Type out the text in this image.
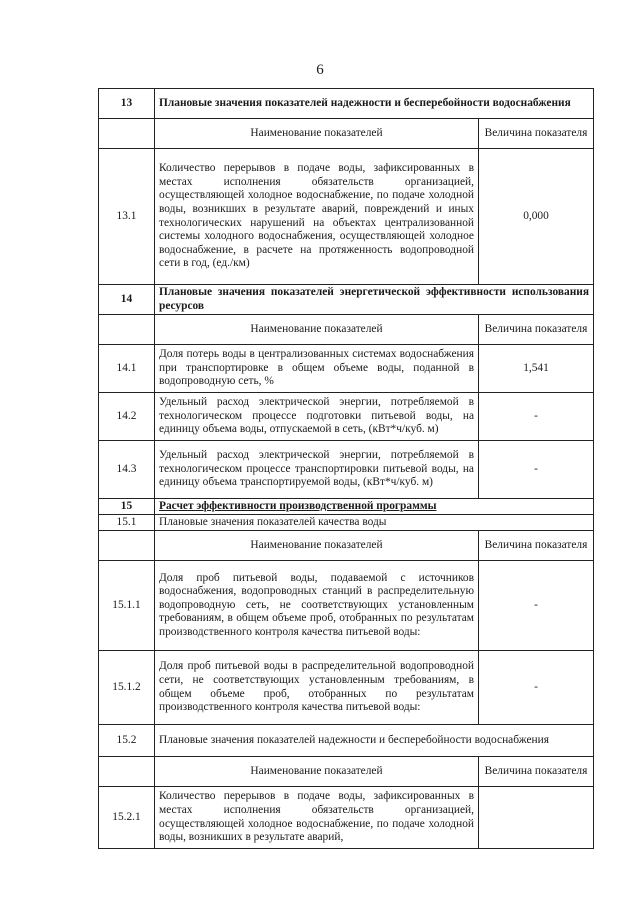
6
13	Плановые значения показателей надежности и бесперебойности водоснабжения	
	Наименование показателей	Величина показателя
13.1	Количество перерывов в подаче воды, зафиксированных в местах исполнения обязательств организацией, осуществляющей холодное водоснабжение, по подаче холодной воды, возникших в результате аварий, повреждений и иных технологических нарушений на объектах централизованной системы холодного водоснабжения, осуществляющей холодное водоснабжение, в расчете на протяженность водопроводной сети в год, (ед./км)	0,000
14	Плановые значения показателей энергетической эффективности использования ресурсов	
	Наименование показателей	Величина показателя
14.1	Доля потерь воды в централизованных системах водоснабжения при транспортировке в общем объеме воды, поданной в водопроводную сеть, %	1,541
14.2	Удельный расход электрической энергии, потребляемой в технологическом процессе подготовки питьевой воды, на единицу объема воды, отпускаемой в сеть, (кВт*ч/куб. м)	-
14.3	Удельный расход электрической энергии, потребляемой в технологическом процессе транспортировки питьевой воды, на единицу объема транспортируемой воды, (кВт*ч/куб. м)	-
15	Расчет эффективности производственной программы	
15.1	Плановые значения показателей качества воды	
	Наименование показателей	Величина показателя
15.1.1	Доля проб питьевой воды, подаваемой с источников водоснабжения, водопроводных станций в распределительную водопроводную сеть, не соответствующих установленным требованиям, в общем объеме проб, отобранных по результатам производственного контроля качества питьевой воды:	-
15.1.2	Доля проб питьевой воды в распределительной водопроводной сети, не соответствующих установленным требованиям, в общем объеме проб, отобранных по результатам производственного контроля качества питьевой воды:	-
15.2	Плановые значения показателей надежности и бесперебойности водоснабжения	
	Наименование показателей	Величина показателя
15.2.1	Количество перерывов в подаче воды, зафиксированных в местах исполнения обязательств организацией, осуществляющей холодное водоснабжение, по подаче холодной воды, возникших в результате аварий,	
